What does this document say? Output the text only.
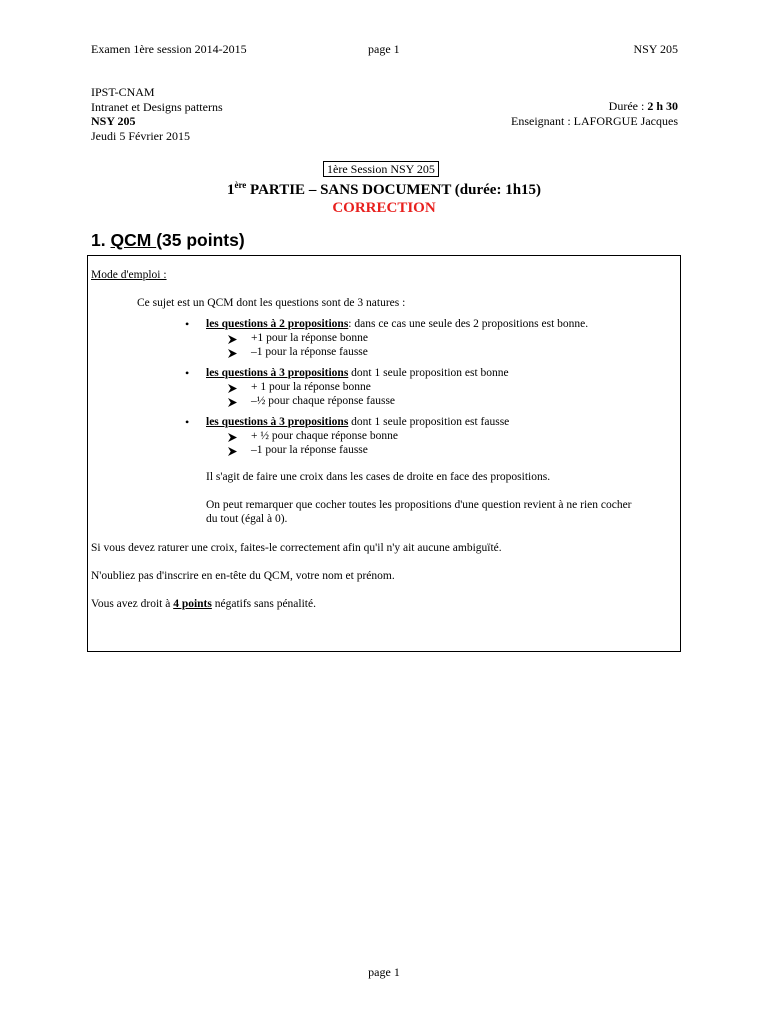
Examen 1ère session 2014-2015	page 1	NSY 205
IPST-CNAM
Intranet et Designs patterns
NSY 205
Jeudi 5 Février 2015
Durée : 2 h 30
Enseignant : LAFORGUE Jacques
1ère Session NSY 205
1ère PARTIE – SANS DOCUMENT (durée: 1h15)
CORRECTION
1. QCM (35 points)
Mode d'emploi :
Ce sujet est un QCM dont les questions sont de 3 natures :
• les questions à 2 propositions: dans ce cas une seule des 2 propositions est bonne.
+1 pour la réponse bonne
–1 pour la réponse fausse
• les questions à 3 propositions dont 1 seule proposition est bonne
+ 1 pour la réponse bonne
–½ pour chaque réponse fausse
• les questions à 3 propositions dont 1 seule proposition est fausse
+ ½ pour chaque réponse bonne
–1 pour la réponse fausse
Il s'agit de faire une croix dans les cases de droite en face des propositions.
On peut remarquer que cocher toutes les propositions d'une question revient à ne rien cocher
du tout (égal à 0).
Si vous devez raturer une croix, faites-le correctement afin qu'il n'y ait aucune ambiguïté.
N'oubliez pas d'inscrire en en-tête du QCM, votre nom et prénom.
Vous avez droit à 4 points négatifs sans pénalité.
page 1
